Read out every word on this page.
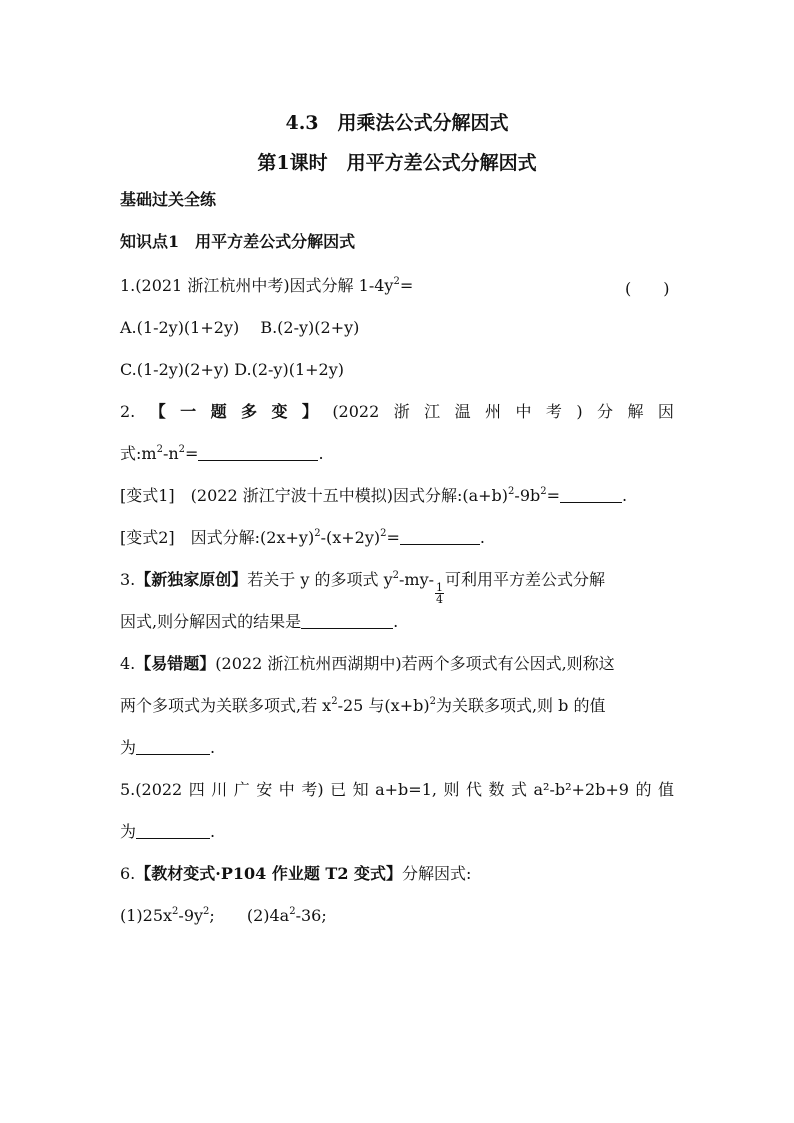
4.3　用乘法公式分解因式
第1课时　用平方差公式分解因式
基础过关全练
知识点1　用平方差公式分解因式
1.(2021 浙江杭州中考)因式分解 $1-4y^2=$	(　　)
A.(1-2y)(1+2y)　 B.(2-y)(2+y)
C.(1-2y)(2+y) D.(2-y)(1+2y)
2. 【 一 题 多 变 】 (2022 浙 江 温 州 中 考 ) 分 解 因
式$:m^2-n^2=$	.
[变式1]　(2022 浙江宁波十五中模拟)因式分解$:(a+b)^2-9b^2=$	.
[变式2]　因式分解$:(2x+y)^2-(x+2y)^2=$	.
3.【新独家原创】若关于 y 的多项式 $y^2-my-$
$\frac{1}{4}$
可利用平方差公式分解
因式,则分解因式的结果是	.
4.【易错题】(2022 浙江杭州西湖期中)若两个多项式有公因式,则称这
两个多项式为关联多项式,若 $x^2-25$ 与$(x+b)^2$为关联多项式,则 b 的值
为	.
5.(2022 四 川 广 安 中 考) 已 知 a+b=1, 则 代 数 式 a²-b²+2b+9 的 值
为	.
6.【教材变式·P104 作业题 T2 变式】分解因式:
$(1)25x^2-9y^2$;　　 $(2)4a^2-36$;
